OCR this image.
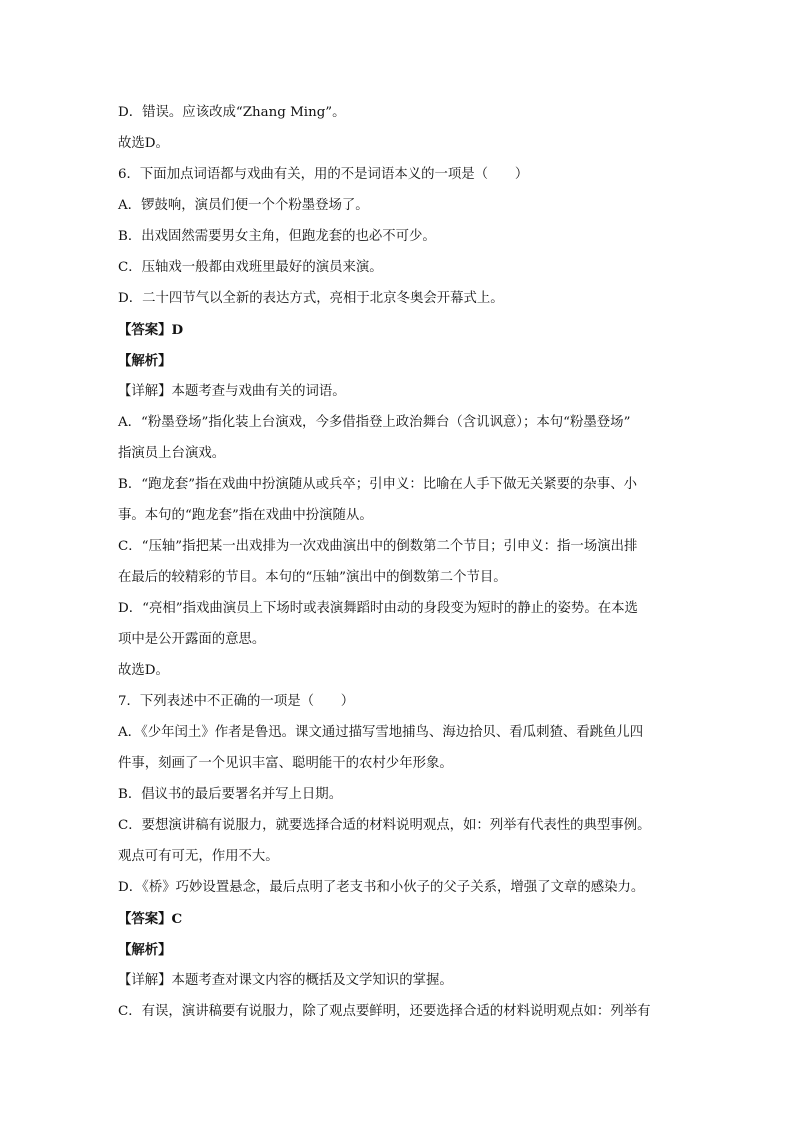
D．错误。应该改成“Zhang Ming”。
故选D。
6．下面加点词语都与戏曲有关，用的不是词语本义的一项是（　　）
A．锣鼓响，演员们便一个个粉墨登场了。
B．出戏固然需要男女主角，但跑龙套的也必不可少。
C．压轴戏一般都由戏班里最好的演员来演。
D．二十四节气以全新的表达方式，亮相于北京冬奥会开幕式上。
【答案】D
【解析】
【详解】本题考查与戏曲有关的词语。
A．“粉墨登场”指化装上台演戏，今多借指登上政治舞台（含讥讽意）；本句“粉墨登场”
指演员上台演戏。
B．“跑龙套”指在戏曲中扮演随从或兵卒；引申义：比喻在人手下做无关紧要的杂事、小
事。本句的“跑龙套”指在戏曲中扮演随从。
C．“压轴”指把某一出戏排为一次戏曲演出中的倒数第二个节目；引申义：指一场演出排
在最后的较精彩的节目。本句的“压轴”演出中的倒数第二个节目。
D．“亮相”指戏曲演员上下场时或表演舞蹈时由动的身段变为短时的静止的姿势。在本选
项中是公开露面的意思。
故选D。
7．下列表述中不正确的一项是（　　）
A．《少年闰土》作者是鲁迅。课文通过描写雪地捕鸟、海边拾贝、看瓜刺猹、看跳鱼儿四
件事，刻画了一个见识丰富、聪明能干的农村少年形象。
B．倡议书的最后要署名并写上日期。
C．要想演讲稿有说服力，就要选择合适的材料说明观点，如：列举有代表性的典型事例。
观点可有可无，作用不大。
D．《桥》巧妙设置悬念，最后点明了老支书和小伙子的父子关系，增强了文章的感染力。
【答案】C
【解析】
【详解】本题考查对课文内容的概括及文学知识的掌握。
C．有误，演讲稿要有说服力，除了观点要鲜明，还要选择合适的材料说明观点如：列举有
